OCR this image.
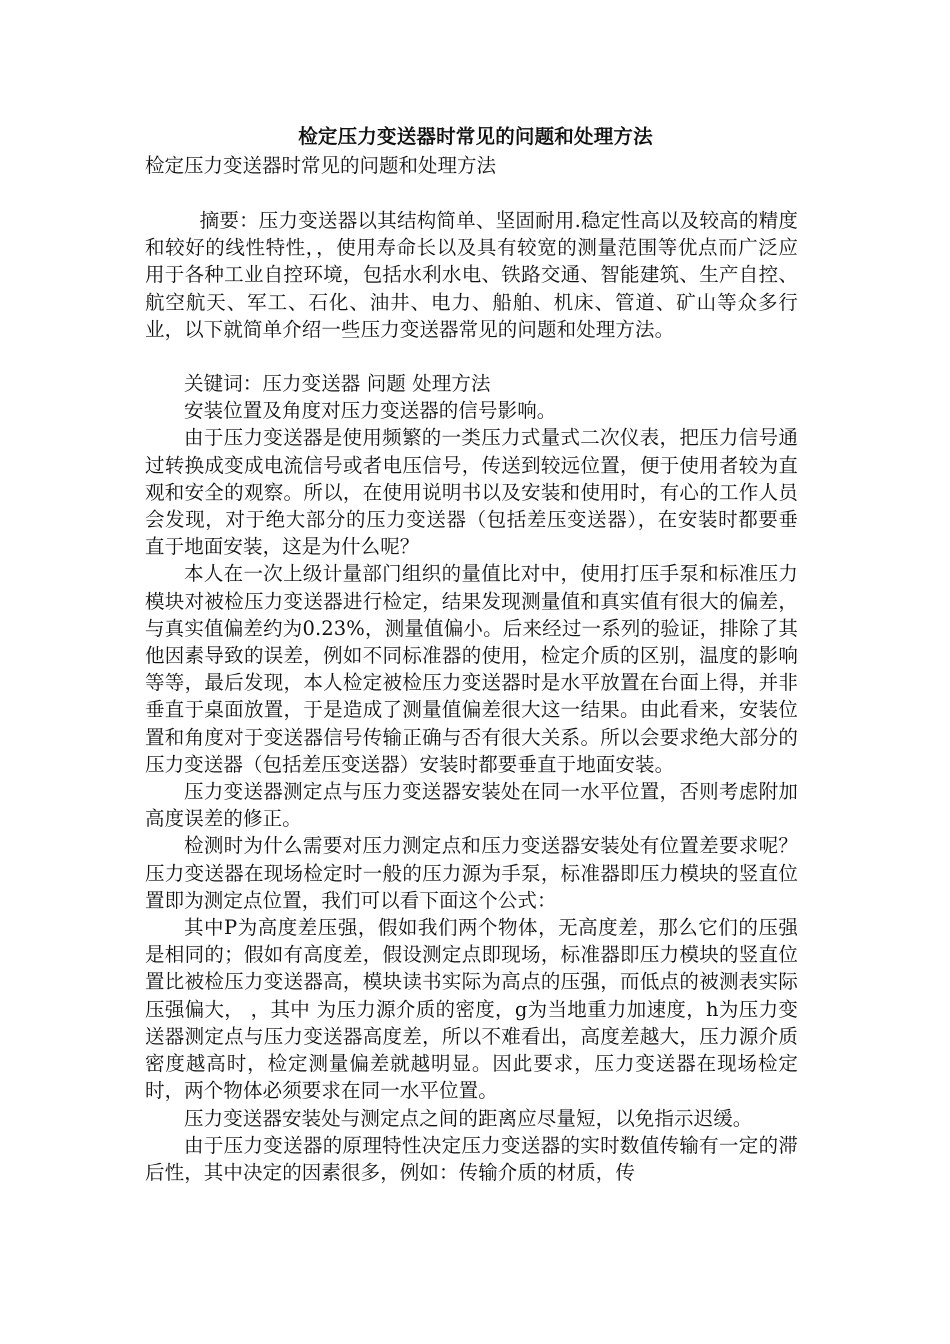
检定压力变送器时常见的问题和处理方法
检定压力变送器时常见的问题和处理方法

摘要：压力变送器以其结构简单、坚固耐用.稳定性高以及较高的精度和较好的线性特性，，使用寿命长以及具有较宽的测量范围等优点而广泛应用于各种工业自控环境，包括水利水电、铁路交通、智能建筑、生产自控、航空航天、军工、石化、油井、电力、船舶、机床、管道、矿山等众多行业，以下就简单介绍一些压力变送器常见的问题和处理方法。

关键词：压力变送器 问题 处理方法

安装位置及角度对压力变送器的信号影响。

由于压力变送器是使用频繁的一类压力式量式二次仪表，把压力信号通过转换成变成电流信号或者电压信号，传送到较远位置，便于使用者较为直观和安全的观察。所以，在使用说明书以及安装和使用时，有心的工作人员会发现，对于绝大部分的压力变送器（包括差压变送器），在安装时都要垂直于地面安装，这是为什么呢？

本人在一次上级计量部门组织的量值比对中，使用打压手泵和标准压力模块对被检压力变送器进行检定，结果发现测量值和真实值有很大的偏差，与真实值偏差约为0.23%，测量值偏小。后来经过一系列的验证，排除了其他因素导致的误差，例如不同标准器的使用，检定介质的区别，温度的影响等等，最后发现，本人检定被检压力变送器时是水平放置在台面上得，并非垂直于桌面放置，于是造成了测量值偏差很大这一结果。由此看来，安装位置和角度对于变送器信号传输正确与否有很大关系。所以会要求绝大部分的压力变送器（包括差压变送器）安装时都要垂直于地面安装。

压力变送器测定点与压力变送器安装处在同一水平位置，否则考虑附加高度误差的修正。

检测时为什么需要对压力测定点和压力变送器安装处有位置差要求呢？压力变送器在现场检定时一般的压力源为手泵，标准器即压力模块的竖直位置即为测定点位置，我们可以看下面这个公式：

其中P为高度差压强，假如我们两个物体，无高度差，那么它们的压强是相同的；假如有高度差，假设测定点即现场，标准器即压力模块的竖直位置比被检压力变送器高，模块读书实际为高点的压强，而低点的被测表实际压强偏大， ，其中 为压力源介质的密度，g为当地重力加速度，h为压力变送器测定点与压力变送器高度差，所以不难看出，高度差越大，压力源介质密度越高时，检定测量偏差就越明显。因此要求，压力变送器在现场检定时，两个物体必须要求在同一水平位置。

压力变送器安装处与测定点之间的距离应尽量短，以免指示迟缓。

由于压力变送器的原理特性决定压力变送器的实时数值传输有一定的滞后性，其中决定的因素很多，例如：传输介质的材质，传
